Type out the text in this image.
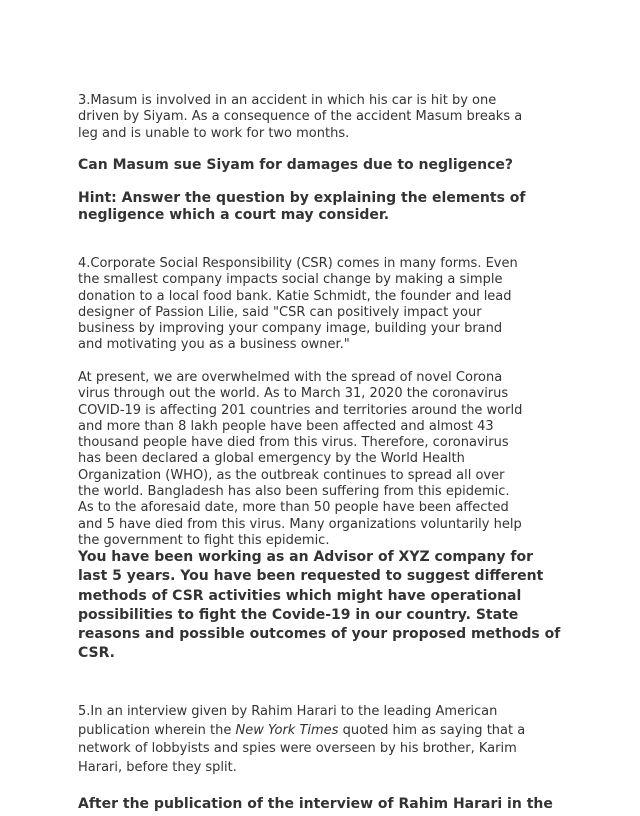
3.Masum is involved in an accident in which his car is hit by one
driven by Siyam. As a consequence of the accident Masum breaks a
leg and is unable to work for two months.

Can Masum sue Siyam for damages due to negligence?

Hint: Answer the question by explaining the elements of
negligence which a court may consider.

4.Corporate Social Responsibility (CSR) comes in many forms. Even
the smallest company impacts social change by making a simple
donation to a local food bank. Katie Schmidt, the founder and lead
designer of Passion Lilie, said "CSR can positively impact your
business by improving your company image, building your brand
and motivating you as a business owner."

At present, we are overwhelmed with the spread of novel Corona
virus through out the world. As to March 31, 2020 the coronavirus
COVID-19 is affecting 201 countries and territories around the world
and more than 8 lakh people have been affected and almost 43
thousand people have died from this virus. Therefore, coronavirus
has been declared a global emergency by the World Health
Organization (WHO), as the outbreak continues to spread all over
the world. Bangladesh has also been suffering from this epidemic.
As to the aforesaid date, more than 50 people have been affected
and 5 have died from this virus. Many organizations voluntarily help
the government to fight this epidemic.

You have been working as an Advisor of XYZ company for
last 5 years. You have been requested to suggest different
methods of CSR activities which might have operational
possibilities to fight the Covide-19 in our country. State
reasons and possible outcomes of your proposed methods of
CSR.

5.In an interview given by Rahim Harari to the leading American
publication wherein the New York Times quoted him as saying that a
network of lobbyists and spies were overseen by his brother, Karim
Harari, before they split.

After the publication of the interview of Rahim Harari in the
